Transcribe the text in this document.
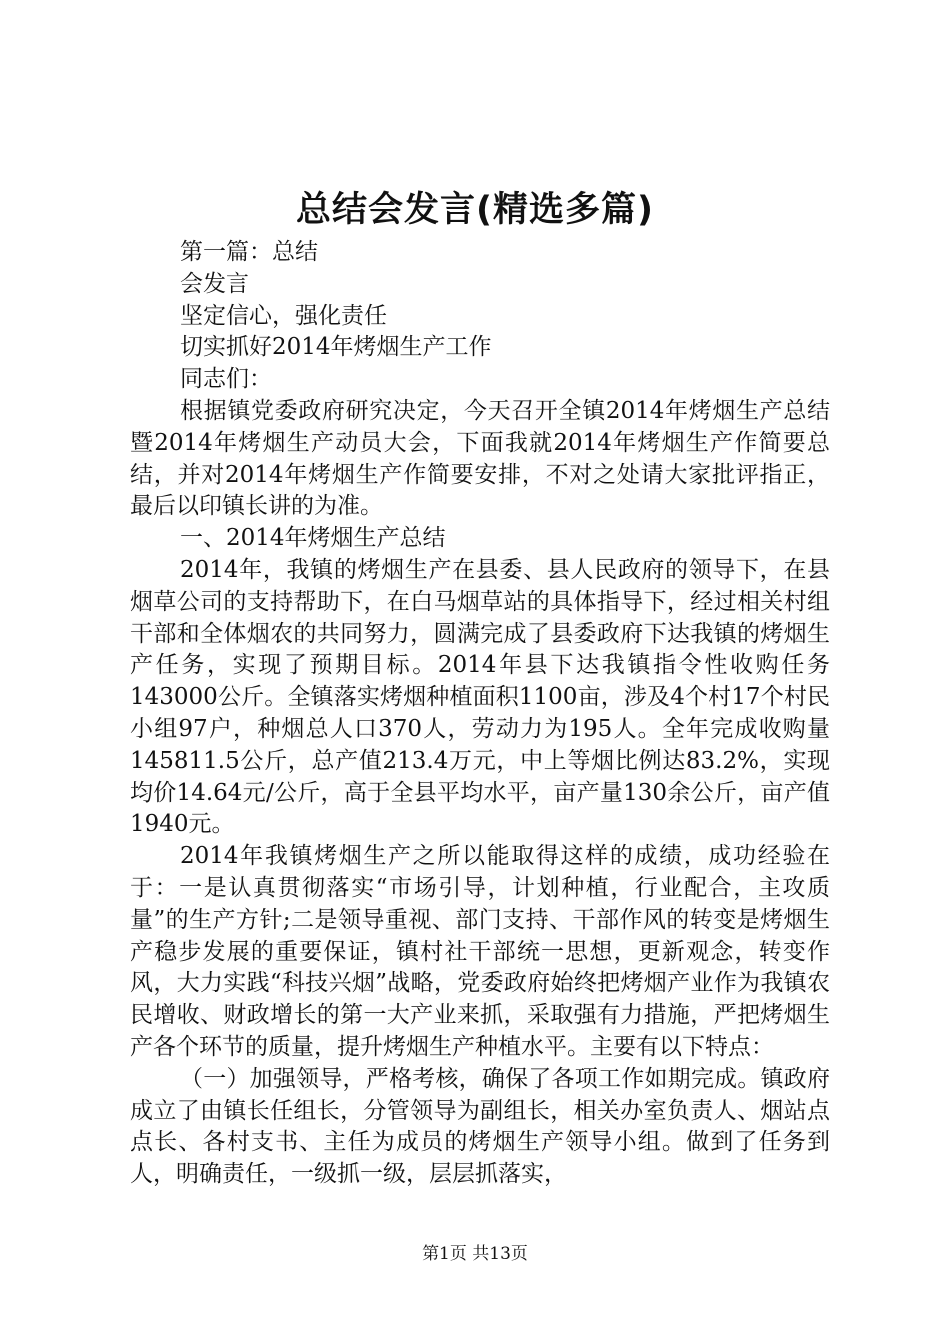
总结会发言(精选多篇)

第一篇：总结

会发言

坚定信心，强化责任

切实抓好2014年烤烟生产工作

同志们：

根据镇党委政府研究决定，今天召开全镇2014年烤烟生产总结暨2014年烤烟生产动员大会，下面我就2014年烤烟生产作简要总结，并对2014年烤烟生产作简要安排，不对之处请大家批评指正，最后以印镇长讲的为准。

一、2014年烤烟生产总结

2014年，我镇的烤烟生产在县委、县人民政府的领导下，在县烟草公司的支持帮助下，在白马烟草站的具体指导下，经过相关村组干部和全体烟农的共同努力，圆满完成了县委政府下达我镇的烤烟生产任务，实现了预期目标。2014年县下达我镇指令性收购任务143000公斤。全镇落实烤烟种植面积1100亩，涉及4个村17个村民小组97户，种烟总人口370人，劳动力为195人。全年完成收购量145811.5公斤，总产值213.4万元，中上等烟比例达83.2%，实现均价14.64元/公斤，高于全县平均水平，亩产量130余公斤，亩产值1940元。

2014年我镇烤烟生产之所以能取得这样的成绩，成功经验在于：一是认真贯彻落实“市场引导，计划种植，行业配合，主攻质量”的生产方针;二是领导重视、部门支持、干部作风的转变是烤烟生产稳步发展的重要保证，镇村社干部统一思想，更新观念，转变作风，大力实践“科技兴烟”战略，党委政府始终把烤烟产业作为我镇农民增收、财政增长的第一大产业来抓，采取强有力措施，严把烤烟生产各个环节的质量，提升烤烟生产种植水平。主要有以下特点：

（一）加强领导，严格考核，确保了各项工作如期完成。镇政府成立了由镇长任组长，分管领导为副组长，相关办室负责人、烟站点点长、各村支书、主任为成员的烤烟生产领导小组。做到了任务到人，明确责任，一级抓一级，层层抓落实，

第1页 共13页
